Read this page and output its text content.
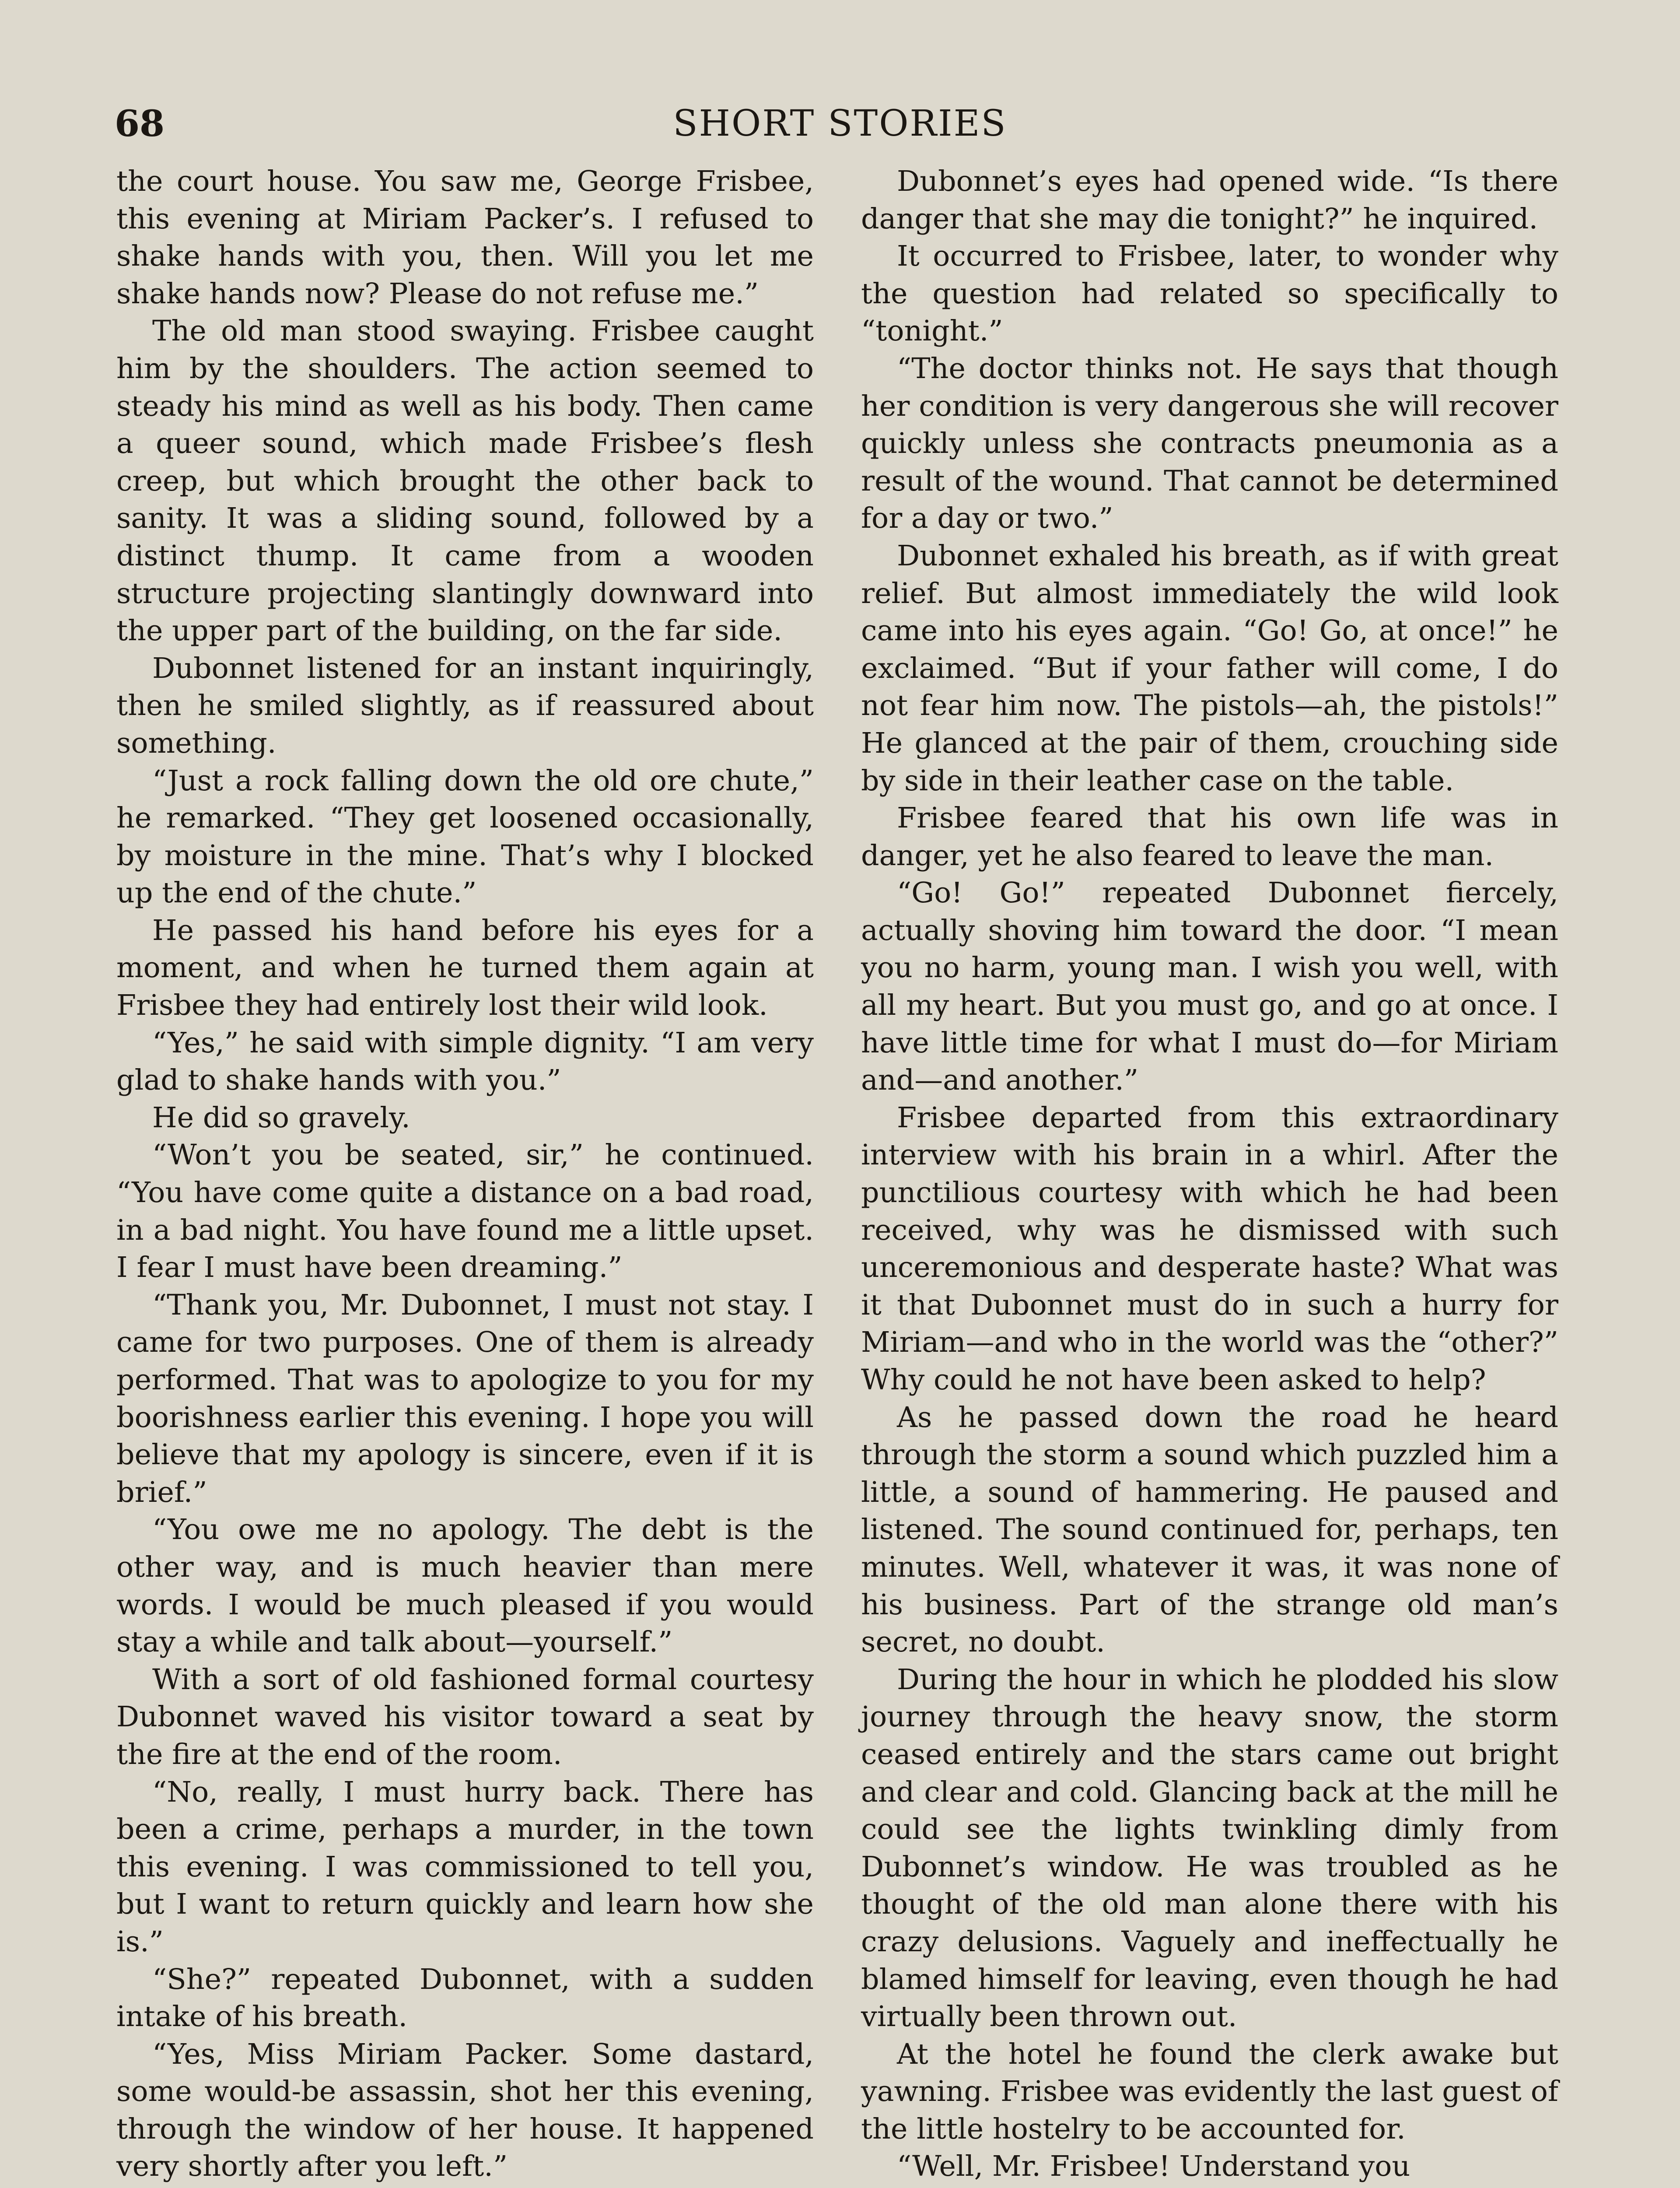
68	SHORT STORIES

the court house. You saw me, George Frisbee, this evening at Miriam Packer’s. I refused to shake hands with you, then. Will you let me shake hands now? Please do not refuse me.”

The old man stood swaying. Frisbee caught him by the shoulders. The action seemed to steady his mind as well as his body. Then came a queer sound, which made Frisbee’s flesh creep, but which brought the other back to sanity. It was a sliding sound, followed by a distinct thump. It came from a wooden structure projecting slantingly downward into the upper part of the building, on the far side.

Dubonnet listened for an instant inquiringly, then he smiled slightly, as if reassured about something.

“Just a rock falling down the old ore chute,” he remarked. “They get loosened occasionally, by moisture in the mine. That’s why I blocked up the end of the chute.”

He passed his hand before his eyes for a moment, and when he turned them again at Frisbee they had entirely lost their wild look.

“Yes,” he said with simple dignity. “I am very glad to shake hands with you.”

He did so gravely.

“Won’t you be seated, sir,” he continued. “You have come quite a distance on a bad road, in a bad night. You have found me a little upset. I fear I must have been dreaming.”

“Thank you, Mr. Dubonnet, I must not stay. I came for two purposes. One of them is already performed. That was to apologize to you for my boorishness earlier this evening. I hope you will believe that my apology is sincere, even if it is brief.”

“You owe me no apology. The debt is the other way, and is much heavier than mere words. I would be much pleased if you would stay a while and talk about—yourself.”

With a sort of old fashioned formal courtesy Dubonnet waved his visitor toward a seat by the fire at the end of the room.

“No, really, I must hurry back. There has been a crime, perhaps a murder, in the town this evening. I was commissioned to tell you, but I want to return quickly and learn how she is.”

“She?” repeated Dubonnet, with a sudden intake of his breath.

“Yes, Miss Miriam Packer. Some dastard, some would-be assassin, shot her this evening, through the window of her house. It happened very shortly after you left.”

Dubonnet’s eyes had opened wide. “Is there danger that she may die tonight?” he inquired.

It occurred to Frisbee, later, to wonder why the question had related so specifically to “tonight.”

“The doctor thinks not. He says that though her condition is very dangerous she will recover quickly unless she contracts pneumonia as a result of the wound. That cannot be determined for a day or two.”

Dubonnet exhaled his breath, as if with great relief. But almost immediately the wild look came into his eyes again. “Go! Go, at once!” he exclaimed. “But if your father will come, I do not fear him now. The pistols—ah, the pistols!” He glanced at the pair of them, crouching side by side in their leather case on the table.

Frisbee feared that his own life was in danger, yet he also feared to leave the man.

“Go! Go!” repeated Dubonnet fiercely, actually shoving him toward the door. “I mean you no harm, young man. I wish you well, with all my heart. But you must go, and go at once. I have little time for what I must do—for Miriam and—and another.”

Frisbee departed from this extraordinary interview with his brain in a whirl. After the punctilious courtesy with which he had been received, why was he dismissed with such unceremonious and desperate haste? What was it that Dubonnet must do in such a hurry for Miriam—and who in the world was the “other?” Why could he not have been asked to help?

As he passed down the road he heard through the storm a sound which puzzled him a little, a sound of hammering. He paused and listened. The sound continued for, perhaps, ten minutes. Well, whatever it was, it was none of his business. Part of the strange old man’s secret, no doubt.

During the hour in which he plodded his slow journey through the heavy snow, the storm ceased entirely and the stars came out bright and clear and cold. Glancing back at the mill he could see the lights twinkling dimly from Dubonnet’s window. He was troubled as he thought of the old man alone there with his crazy delusions. Vaguely and ineffectually he blamed himself for leaving, even though he had virtually been thrown out.

At the hotel he found the clerk awake but yawning. Frisbee was evidently the last guest of the little hostelry to be accounted for.

“Well, Mr. Frisbee! Understand you
